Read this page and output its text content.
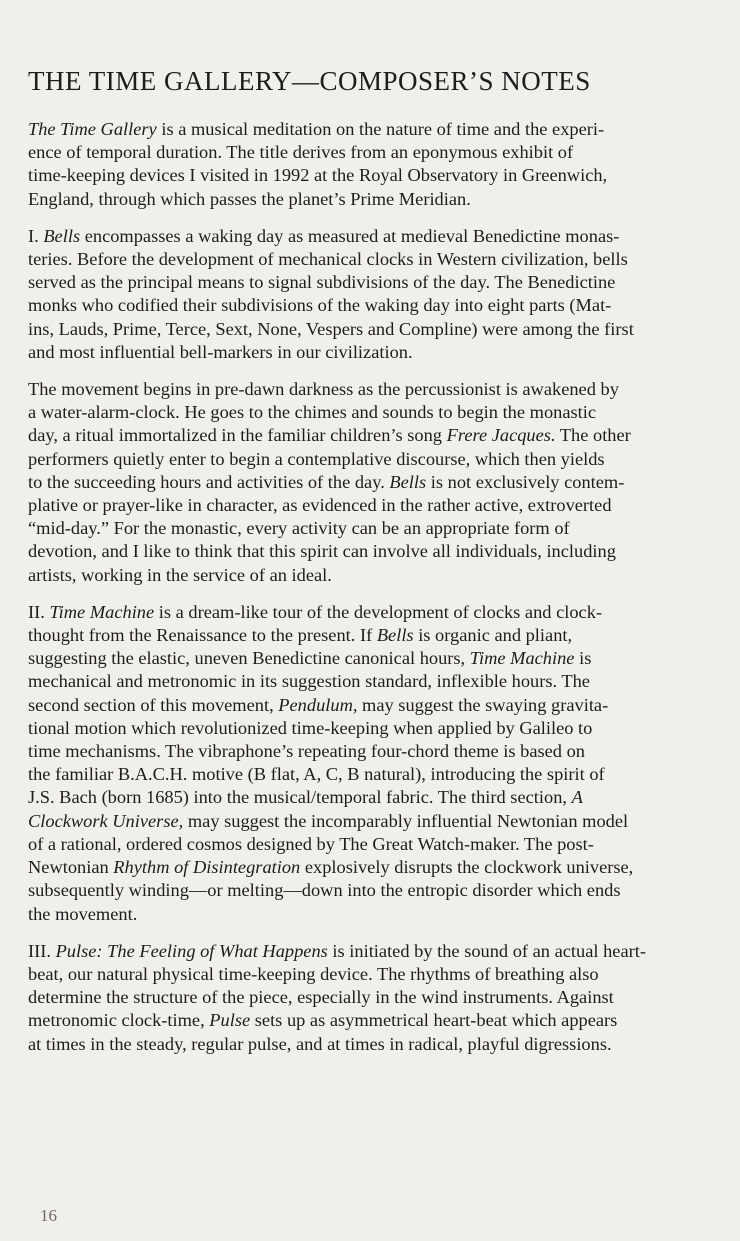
THE TIME GALLERY—COMPOSER’S NOTES

The Time Gallery is a musical meditation on the nature of time and the experi-
ence of temporal duration. The title derives from an eponymous exhibit of
time-keeping devices I visited in 1992 at the Royal Observatory in Greenwich,
England, through which passes the planet’s Prime Meridian.

I. Bells encompasses a waking day as measured at medieval Benedictine monas-
teries. Before the development of mechanical clocks in Western civilization, bells
served as the principal means to signal subdivisions of the day. The Benedictine
monks who codified their subdivisions of the waking day into eight parts (Mat-
ins, Lauds, Prime, Terce, Sext, None, Vespers and Compline) were among the first
and most influential bell-markers in our civilization.

The movement begins in pre-dawn darkness as the percussionist is awakened by
a water-alarm-clock. He goes to the chimes and sounds to begin the monastic
day, a ritual immortalized in the familiar children’s song Frere Jacques. The other
performers quietly enter to begin a contemplative discourse, which then yields
to the succeeding hours and activities of the day. Bells is not exclusively contem-
plative or prayer-like in character, as evidenced in the rather active, extroverted
“mid-day.” For the monastic, every activity can be an appropriate form of
devotion, and I like to think that this spirit can involve all individuals, including
artists, working in the service of an ideal.

II. Time Machine is a dream-like tour of the development of clocks and clock-
thought from the Renaissance to the present. If Bells is organic and pliant,
suggesting the elastic, uneven Benedictine canonical hours, Time Machine is
mechanical and metronomic in its suggestion standard, inflexible hours. The
second section of this movement, Pendulum, may suggest the swaying gravita-
tional motion which revolutionized time-keeping when applied by Galileo to
time mechanisms. The vibraphone’s repeating four-chord theme is based on
the familiar B.A.C.H. motive (B flat, A, C, B natural), introducing the spirit of
J.S. Bach (born 1685) into the musical/temporal fabric. The third section, A
Clockwork Universe, may suggest the incomparably influential Newtonian model
of a rational, ordered cosmos designed by The Great Watch-maker. The post-
Newtonian Rhythm of Disintegration explosively disrupts the clockwork universe,
subsequently winding—or melting—down into the entropic disorder which ends
the movement.

III. Pulse: The Feeling of What Happens is initiated by the sound of an actual heart-
beat, our natural physical time-keeping device. The rhythms of breathing also
determine the structure of the piece, especially in the wind instruments. Against
metronomic clock-time, Pulse sets up as asymmetrical heart-beat which appears
at times in the steady, regular pulse, and at times in radical, playful digressions.

16
